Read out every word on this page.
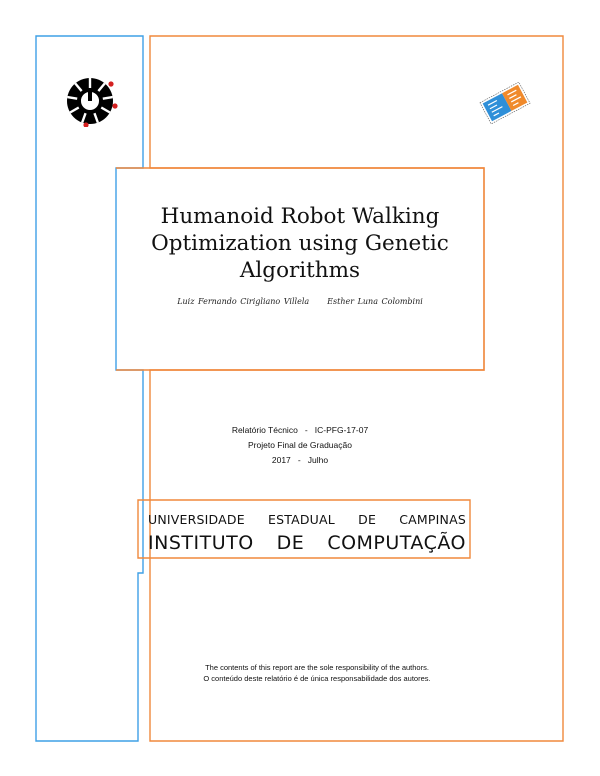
Humanoid Robot Walking Optimization using Genetic Algorithms
Luiz Fernando Cirigliano Villela Esther Luna Colombini
Relatório Técnico   -   IC-PFG-17-07
Projeto Final de Graduação
2017   -   Julho
UNIVERSIDADE ESTADUAL DE CAMPINAS
INSTITUTO DE COMPUTAÇÃO
The contents of this report are the sole responsibility of the authors.
O conteúdo deste relatório é de única responsabilidade dos autores.
